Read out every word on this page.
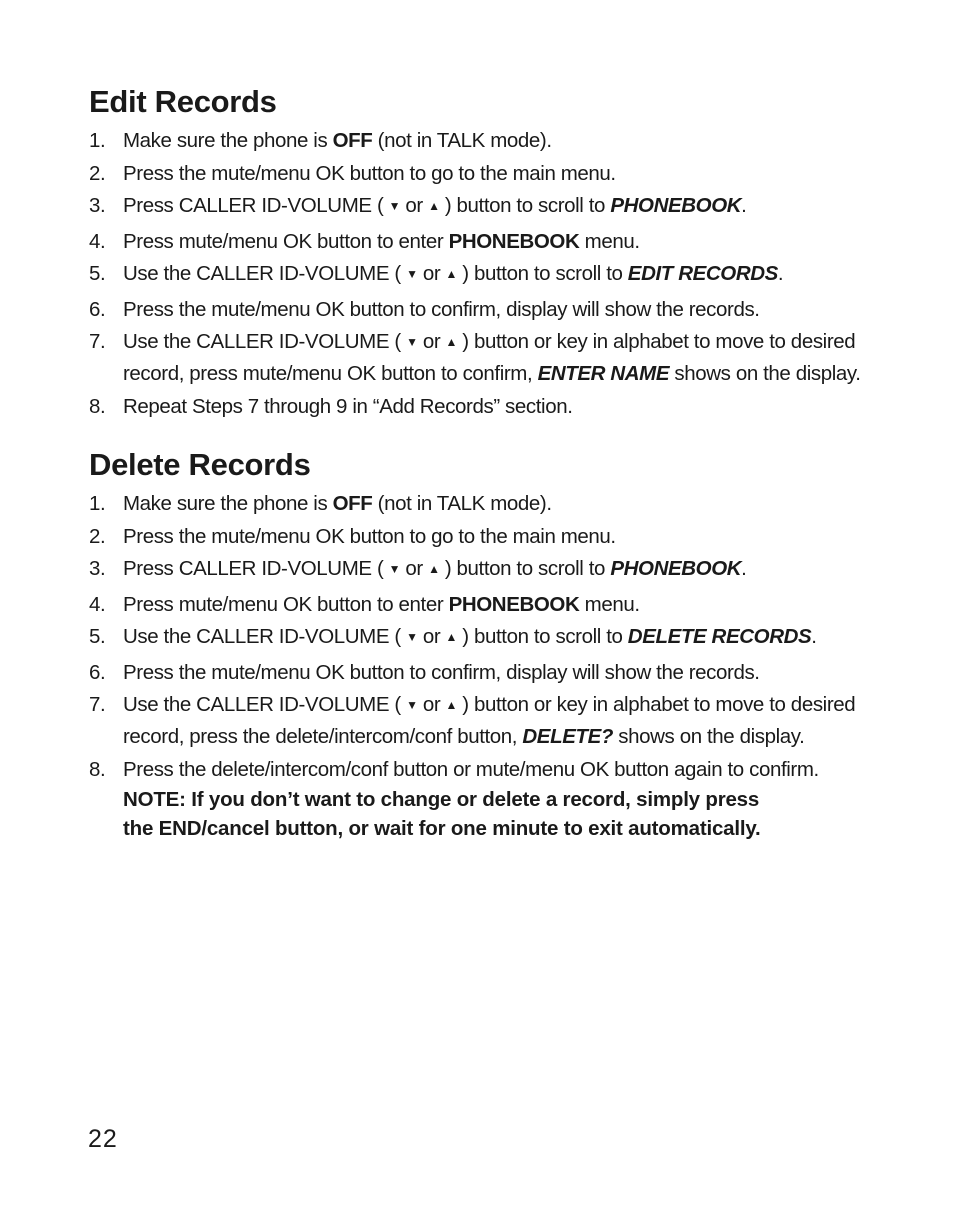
Edit Records
1. Make sure the phone is OFF (not in TALK mode).
2. Press the mute/menu OK button to go to the main menu.
3. Press CALLER ID-VOLUME ( ▼ or ▲ ) button to scroll to PHONEBOOK.
4. Press mute/menu OK button to enter PHONEBOOK menu.
5. Use the CALLER ID-VOLUME ( ▼ or ▲ ) button to scroll to EDIT RECORDS.
6. Press the mute/menu OK button to confirm, display will show the records.
7. Use the CALLER ID-VOLUME ( ▼ or ▲ ) button or key in alphabet to move to desired record, press mute/menu OK button to confirm, ENTER NAME shows on the display.
8. Repeat Steps 7 through 9 in “Add Records” section.
Delete Records
1. Make sure the phone is OFF (not in TALK mode).
2. Press the mute/menu OK button to go to the main menu.
3. Press CALLER ID-VOLUME ( ▼ or ▲ ) button to scroll to PHONEBOOK.
4. Press mute/menu OK button to enter PHONEBOOK menu.
5. Use the CALLER ID-VOLUME ( ▼ or ▲ ) button to scroll to DELETE RECORDS.
6. Press the mute/menu OK button to confirm, display will show the records.
7. Use the CALLER ID-VOLUME ( ▼ or ▲ ) button or key in alphabet to move to desired record, press the delete/intercom/conf button, DELETE? shows on the display.
8. Press the delete/intercom/conf button or mute/menu OK button again to confirm.
NOTE: If you don’t want to change or delete a record, simply press the END/cancel button, or wait for one minute to exit automatically.
22
